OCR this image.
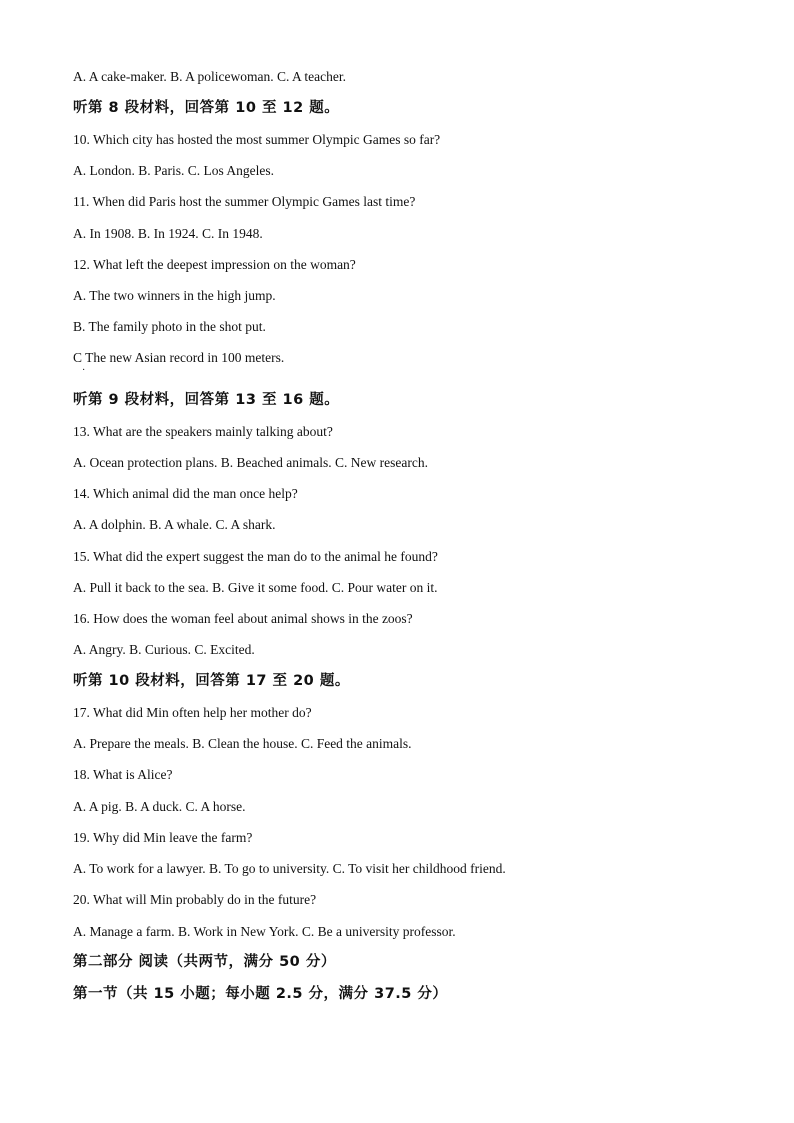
A. A cake-maker. B. A policewoman. C. A teacher.
听第 8 段材料，回答第 10 至 12 题。
10. Which city has hosted the most summer Olympic Games so far?
A. London. B. Paris. C. Los Angeles.
11. When did Paris host the summer Olympic Games last time?
A. In 1908. B. In 1924. C. In 1948.
12. What left the deepest impression on the woman?
A. The two winners in the high jump.
B. The family photo in the shot put.
C The new Asian record in 100 meters.
·
听第 9 段材料，回答第 13 至 16 题。
13. What are the speakers mainly talking about?
A. Ocean protection plans. B. Beached animals. C. New research.
14. Which animal did the man once help?
A. A dolphin. B. A whale. C. A shark.
15. What did the expert suggest the man do to the animal he found?
A. Pull it back to the sea. B. Give it some food. C. Pour water on it.
16. How does the woman feel about animal shows in the zoos?
A. Angry. B. Curious. C. Excited.
听第 10 段材料，回答第 17 至 20 题。
17. What did Min often help her mother do?
A. Prepare the meals. B. Clean the house. C. Feed the animals.
18. What is Alice?
A. A pig. B. A duck. C. A horse.
19. Why did Min leave the farm?
A. To work for a lawyer. B. To go to university. C. To visit her childhood friend.
20. What will Min probably do in the future?
A. Manage a farm. B. Work in New York. C. Be a university professor.
第二部分 阅读（共两节，满分 50 分）
第一节（共 15 小题；每小题 2.5 分，满分 37.5 分）
